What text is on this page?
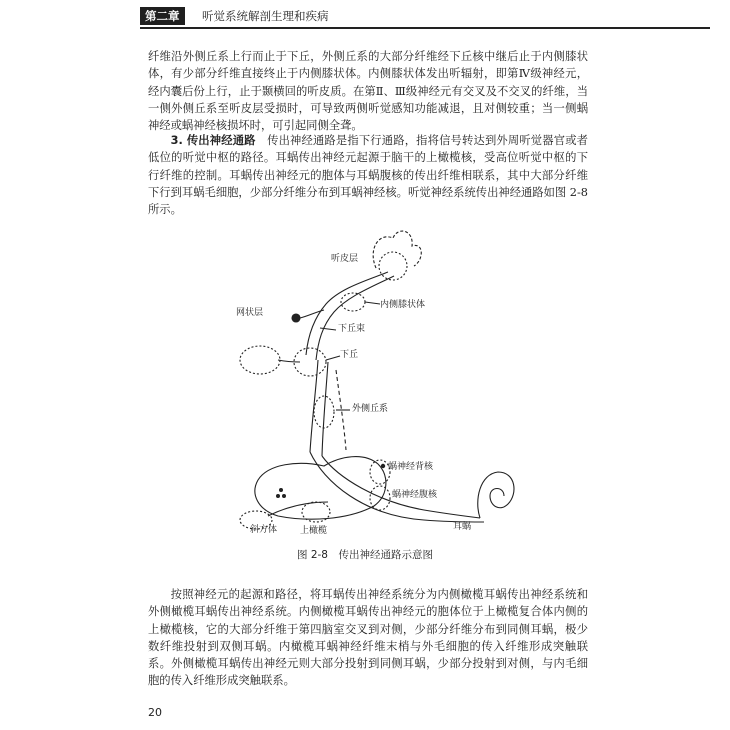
第二章	听觉系统解剖生理和疾病

纤维沿外侧丘系上行而止于下丘，外侧丘系的大部分纤维经下丘核中继后止于内侧膝状体，有少部分纤维直接终止于内侧膝状体。内侧膝状体发出听辐射，即第Ⅳ级神经元，经内囊后份上行，止于颞横回的听皮质。在第Ⅱ、Ⅲ级神经元有交叉及不交叉的纤维，当一侧外侧丘系至听皮层受损时，可导致两侧听觉感知功能减退，且对侧较重；当一侧蜗神经或蜗神经核损坏时，可引起同侧全聋。

3. 传出神经通路　 传出神经通路是指下行通路，指将信号转达到外周听觉器官或者低位的听觉中枢的路径。耳蜗传出神经元起源于脑干的上橄榄核，受高位听觉中枢的下行纤维的控制。耳蜗传出神经元的胞体与耳蜗腹核的传出纤维相联系，其中大部分纤维下行到耳蜗毛细胞，少部分纤维分布到耳蜗神经核。听觉神经系统传出神经通路如图 2-8 所示。

听皮层
内侧膝状体
网状层
下丘束
下丘
外侧丘系
蜗神经背核
蜗神经腹核
斜方体	上橄榄	耳蜗
图 2-8　传出神经通路示意图

按照神经元的起源和路径，将耳蜗传出神经系统分为内侧橄榄耳蜗传出神经系统和外侧橄榄耳蜗传出神经系统。内侧橄榄耳蜗传出神经元的胞体位于上橄榄复合体内侧的上橄榄核，它的大部分纤维于第四脑室交叉到对侧，少部分纤维分布到同侧耳蜗，极少数纤维投射到双侧耳蜗。内橄榄耳蜗神经纤维末梢与外毛细胞的传入纤维形成突触联系。外侧橄榄耳蜗传出神经元则大部分投射到同侧耳蜗，少部分投射到对侧，与内毛细胞的传入纤维形成突触联系。

20
